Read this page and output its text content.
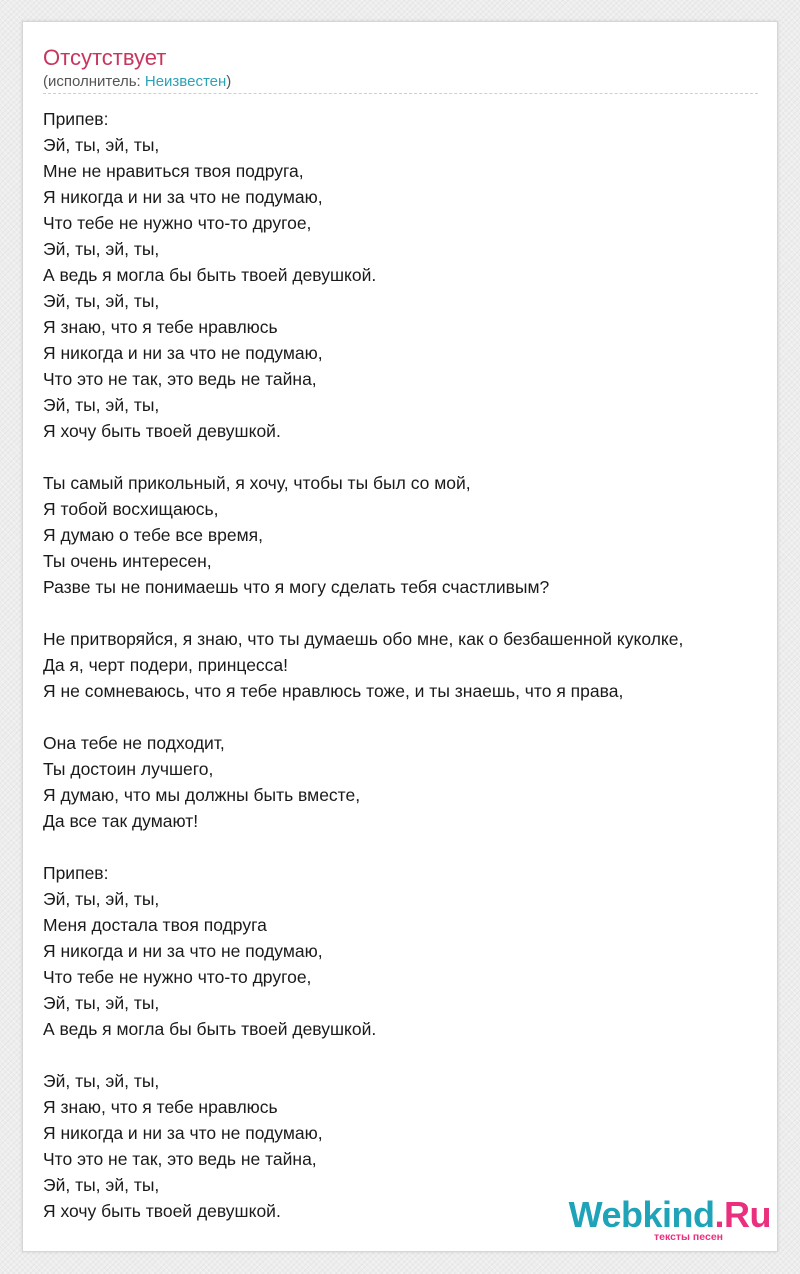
Отсутствует
(исполнитель: Неизвестен)
Припев:
Эй, ты, эй, ты,
Мне не нравиться твоя подруга,
Я никогда и ни за что не подумаю,
Что тебе не нужно что-то другое,
Эй, ты, эй, ты,
А ведь я могла бы быть твоей девушкой.
Эй, ты, эй, ты,
Я знаю, что я тебе нравлюсь
Я никогда и ни за что не подумаю,
Что это не так, это ведь не тайна,
Эй, ты, эй, ты,
Я хочу быть твоей девушкой.
Ты самый прикольный, я хочу, чтобы ты был со мой,
Я тобой восхищаюсь,
Я думаю о тебе все время,
Ты очень интересен,
Разве ты не понимаешь что я могу сделать тебя счастливым?
Не притворяйся, я знаю, что ты думаешь обо мне, как о безбашенной куколке,
Да я, черт подери, принцесса!
Я не сомневаюсь, что я тебе нравлюсь тоже, и ты знаешь, что я права,
Она тебе не подходит,
Ты достоин лучшего,
Я думаю, что мы должны быть вместе,
Да все так думают!
Припев:
Эй, ты, эй, ты,
Меня достала твоя подруга
Я никогда и ни за что не подумаю,
Что тебе не нужно что-то другое,
Эй, ты, эй, ты,
А ведь я могла бы быть твоей девушкой.
Эй, ты, эй, ты,
Я знаю, что я тебе нравлюсь
Я никогда и ни за что не подумаю,
Что это не так, это ведь не тайна,
Эй, ты, эй, ты,
Я хочу быть твоей девушкой.	Webkind.Ru
тексты песен
